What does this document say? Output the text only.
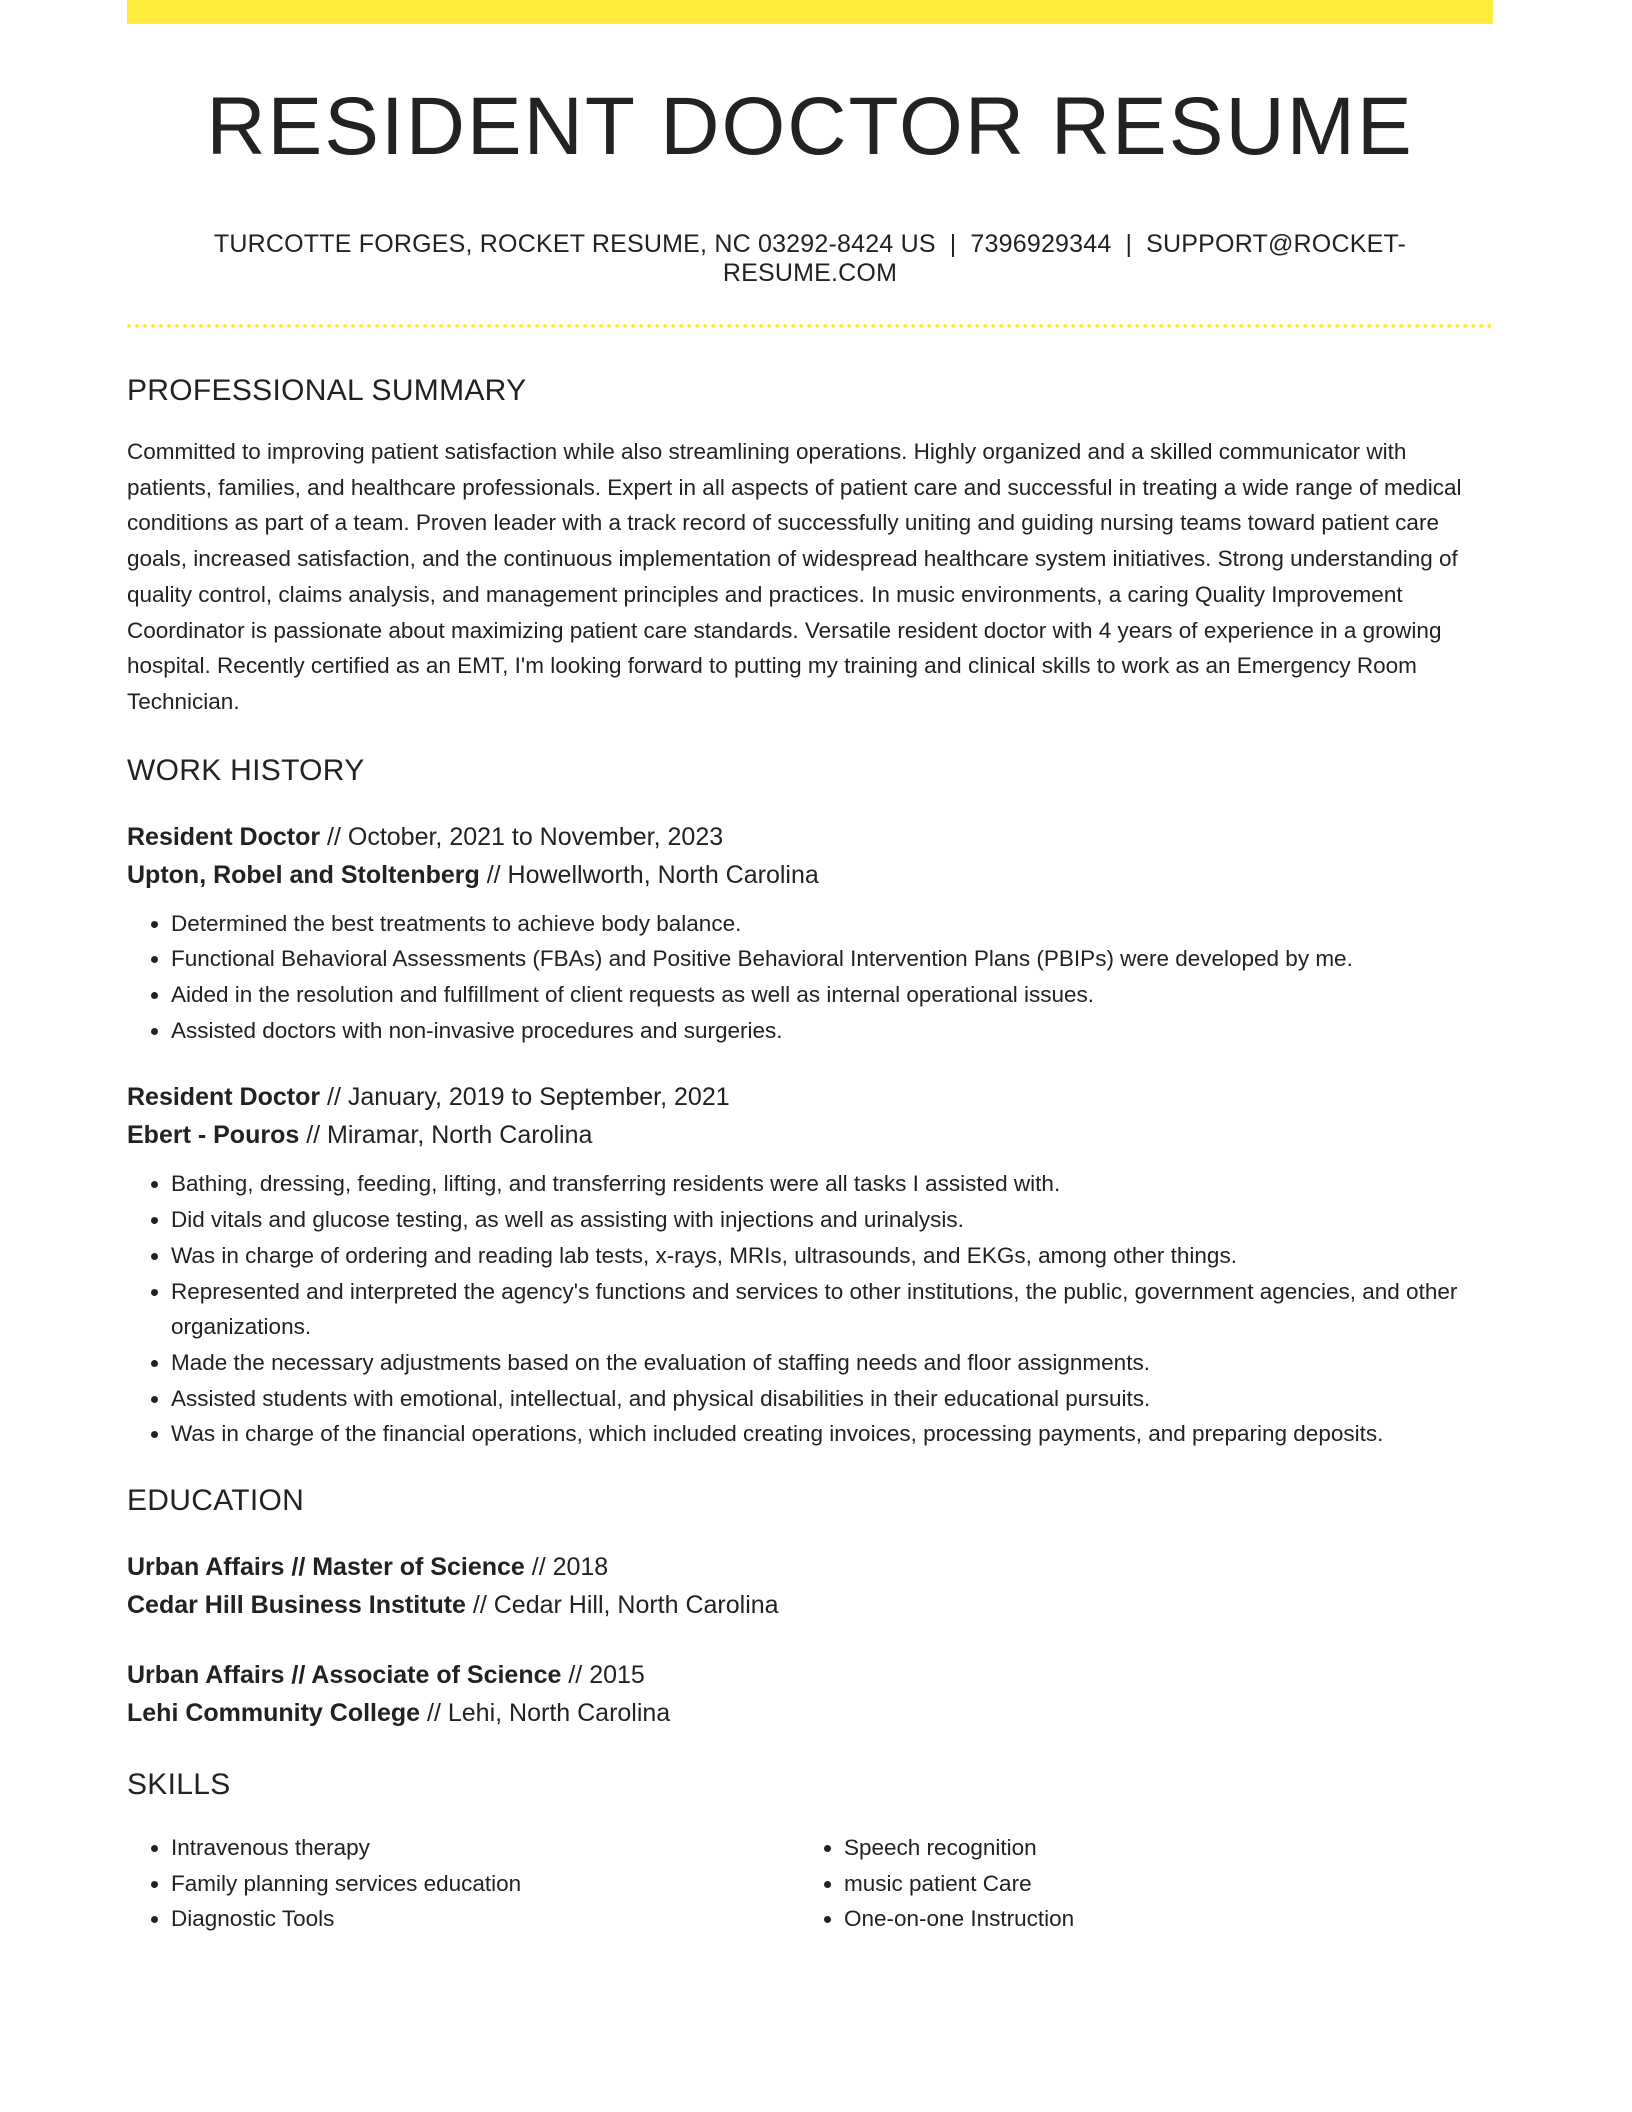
RESIDENT DOCTOR RESUME
TURCOTTE FORGES, ROCKET RESUME, NC 03292-8424 US | 7396929344 | SUPPORT@ROCKET-RESUME.COM
PROFESSIONAL SUMMARY
Committed to improving patient satisfaction while also streamlining operations. Highly organized and a skilled communicator with patients, families, and healthcare professionals. Expert in all aspects of patient care and successful in treating a wide range of medical conditions as part of a team. Proven leader with a track record of successfully uniting and guiding nursing teams toward patient care goals, increased satisfaction, and the continuous implementation of widespread healthcare system initiatives. Strong understanding of quality control, claims analysis, and management principles and practices. In music environments, a caring Quality Improvement Coordinator is passionate about maximizing patient care standards. Versatile resident doctor with 4 years of experience in a growing hospital. Recently certified as an EMT, I'm looking forward to putting my training and clinical skills to work as an Emergency Room Technician.
WORK HISTORY
Resident Doctor // October, 2021 to November, 2023
Upton, Robel and Stoltenberg // Howellworth, North Carolina
• Determined the best treatments to achieve body balance.
• Functional Behavioral Assessments (FBAs) and Positive Behavioral Intervention Plans (PBIPs) were developed by me.
• Aided in the resolution and fulfillment of client requests as well as internal operational issues.
• Assisted doctors with non-invasive procedures and surgeries.
Resident Doctor // January, 2019 to September, 2021
Ebert - Pouros // Miramar, North Carolina
• Bathing, dressing, feeding, lifting, and transferring residents were all tasks I assisted with.
• Did vitals and glucose testing, as well as assisting with injections and urinalysis.
• Was in charge of ordering and reading lab tests, x-rays, MRIs, ultrasounds, and EKGs, among other things.
• Represented and interpreted the agency's functions and services to other institutions, the public, government agencies, and other organizations.
• Made the necessary adjustments based on the evaluation of staffing needs and floor assignments.
• Assisted students with emotional, intellectual, and physical disabilities in their educational pursuits.
• Was in charge of the financial operations, which included creating invoices, processing payments, and preparing deposits.
EDUCATION
Urban Affairs // Master of Science // 2018
Cedar Hill Business Institute // Cedar Hill, North Carolina
Urban Affairs // Associate of Science // 2015
Lehi Community College // Lehi, North Carolina
SKILLS
• Intravenous therapy
• Family planning services education
• Diagnostic Tools
• Speech recognition
• music patient Care
• One-on-one Instruction
